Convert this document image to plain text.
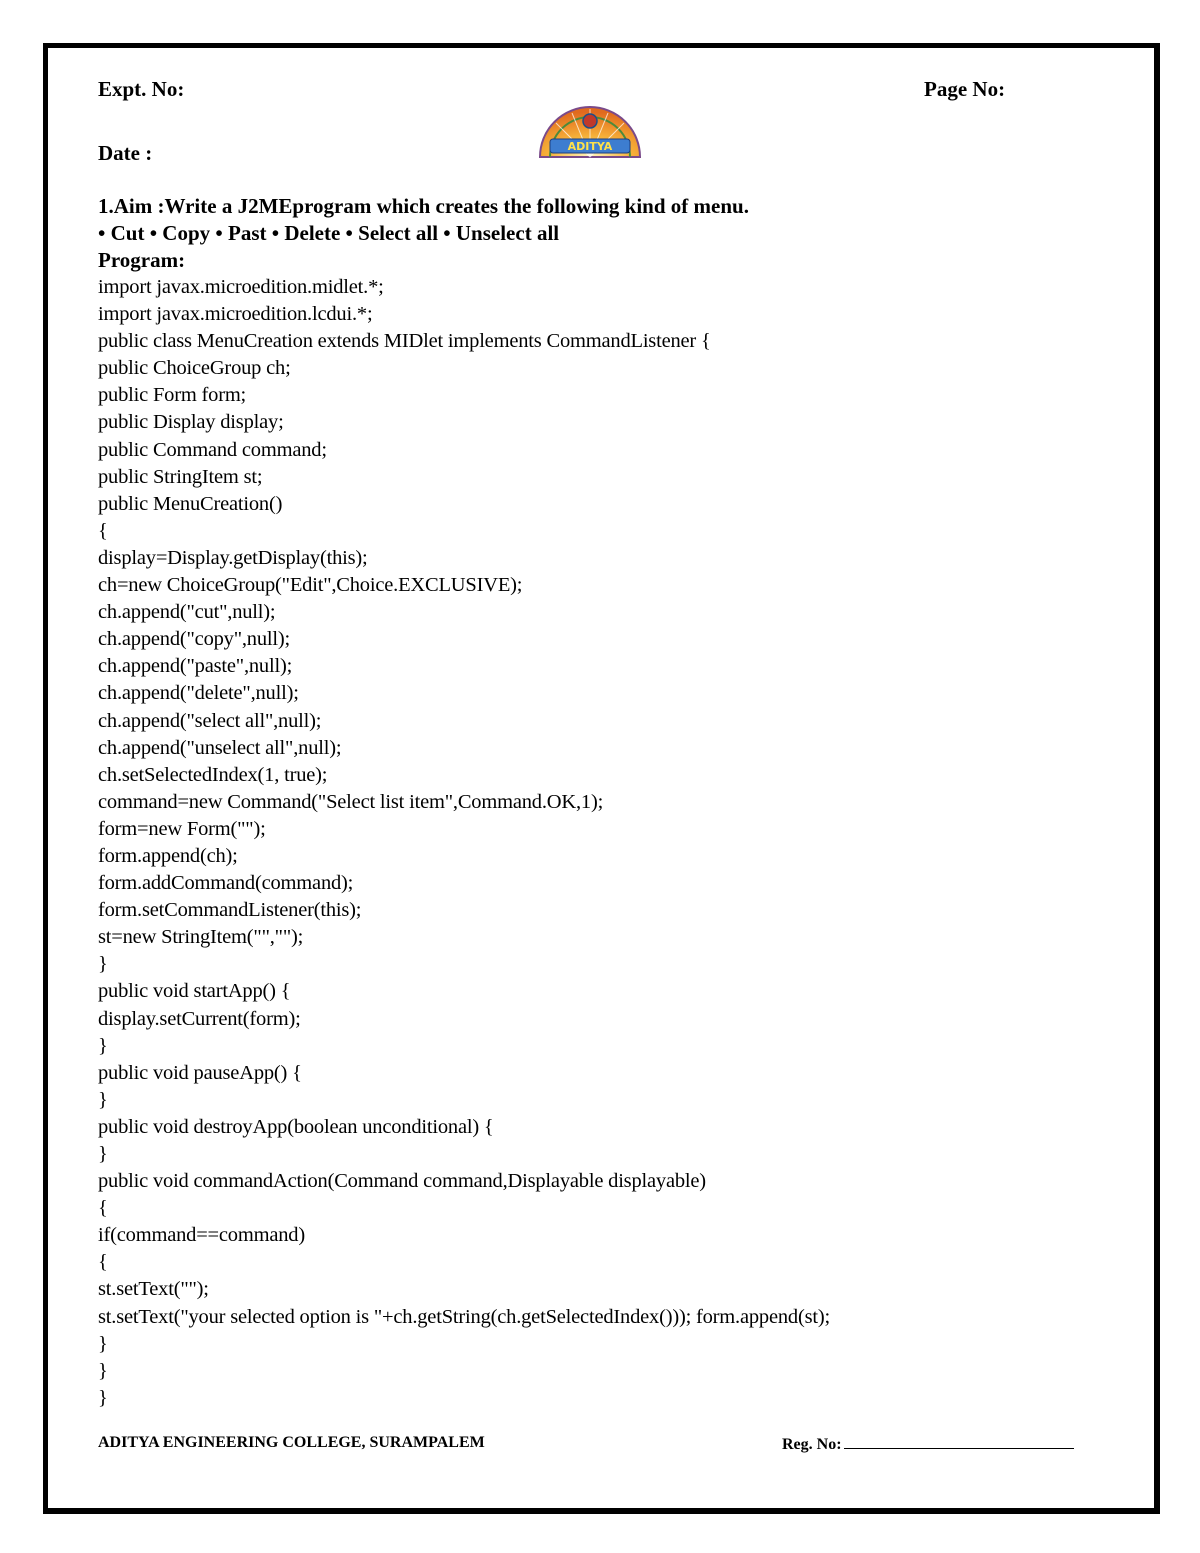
Expt. No:	Page No:
Date :	ADITYA
1.Aim :Write a J2MEprogram which creates the following kind of menu.
• Cut • Copy • Past • Delete • Select all • Unselect all
Program:
import javax.microedition.midlet.*;
import javax.microedition.lcdui.*;
public class MenuCreation extends MIDlet implements CommandListener {
public ChoiceGroup ch;
public Form form;
public Display display;
public Command command;
public StringItem st;
public MenuCreation()
{
display=Display.getDisplay(this);
ch=new ChoiceGroup("Edit",Choice.EXCLUSIVE);
ch.append("cut",null);
ch.append("copy",null);
ch.append("paste",null);
ch.append("delete",null);
ch.append("select all",null);
ch.append("unselect all",null);
ch.setSelectedIndex(1, true);
command=new Command("Select list item",Command.OK,1);
form=new Form("");
form.append(ch);
form.addCommand(command);
form.setCommandListener(this);
st=new StringItem("","");
}
public void startApp() {
display.setCurrent(form);
}
public void pauseApp() {
}
public void destroyApp(boolean unconditional) {
}
public void commandAction(Command command,Displayable displayable)
{
if(command==command)
{
st.setText("");
st.setText("your selected option is "+ch.getString(ch.getSelectedIndex())); form.append(st);
}
}
}
ADITYA ENGINEERING COLLEGE, SURAMPALEM	Reg. No:
